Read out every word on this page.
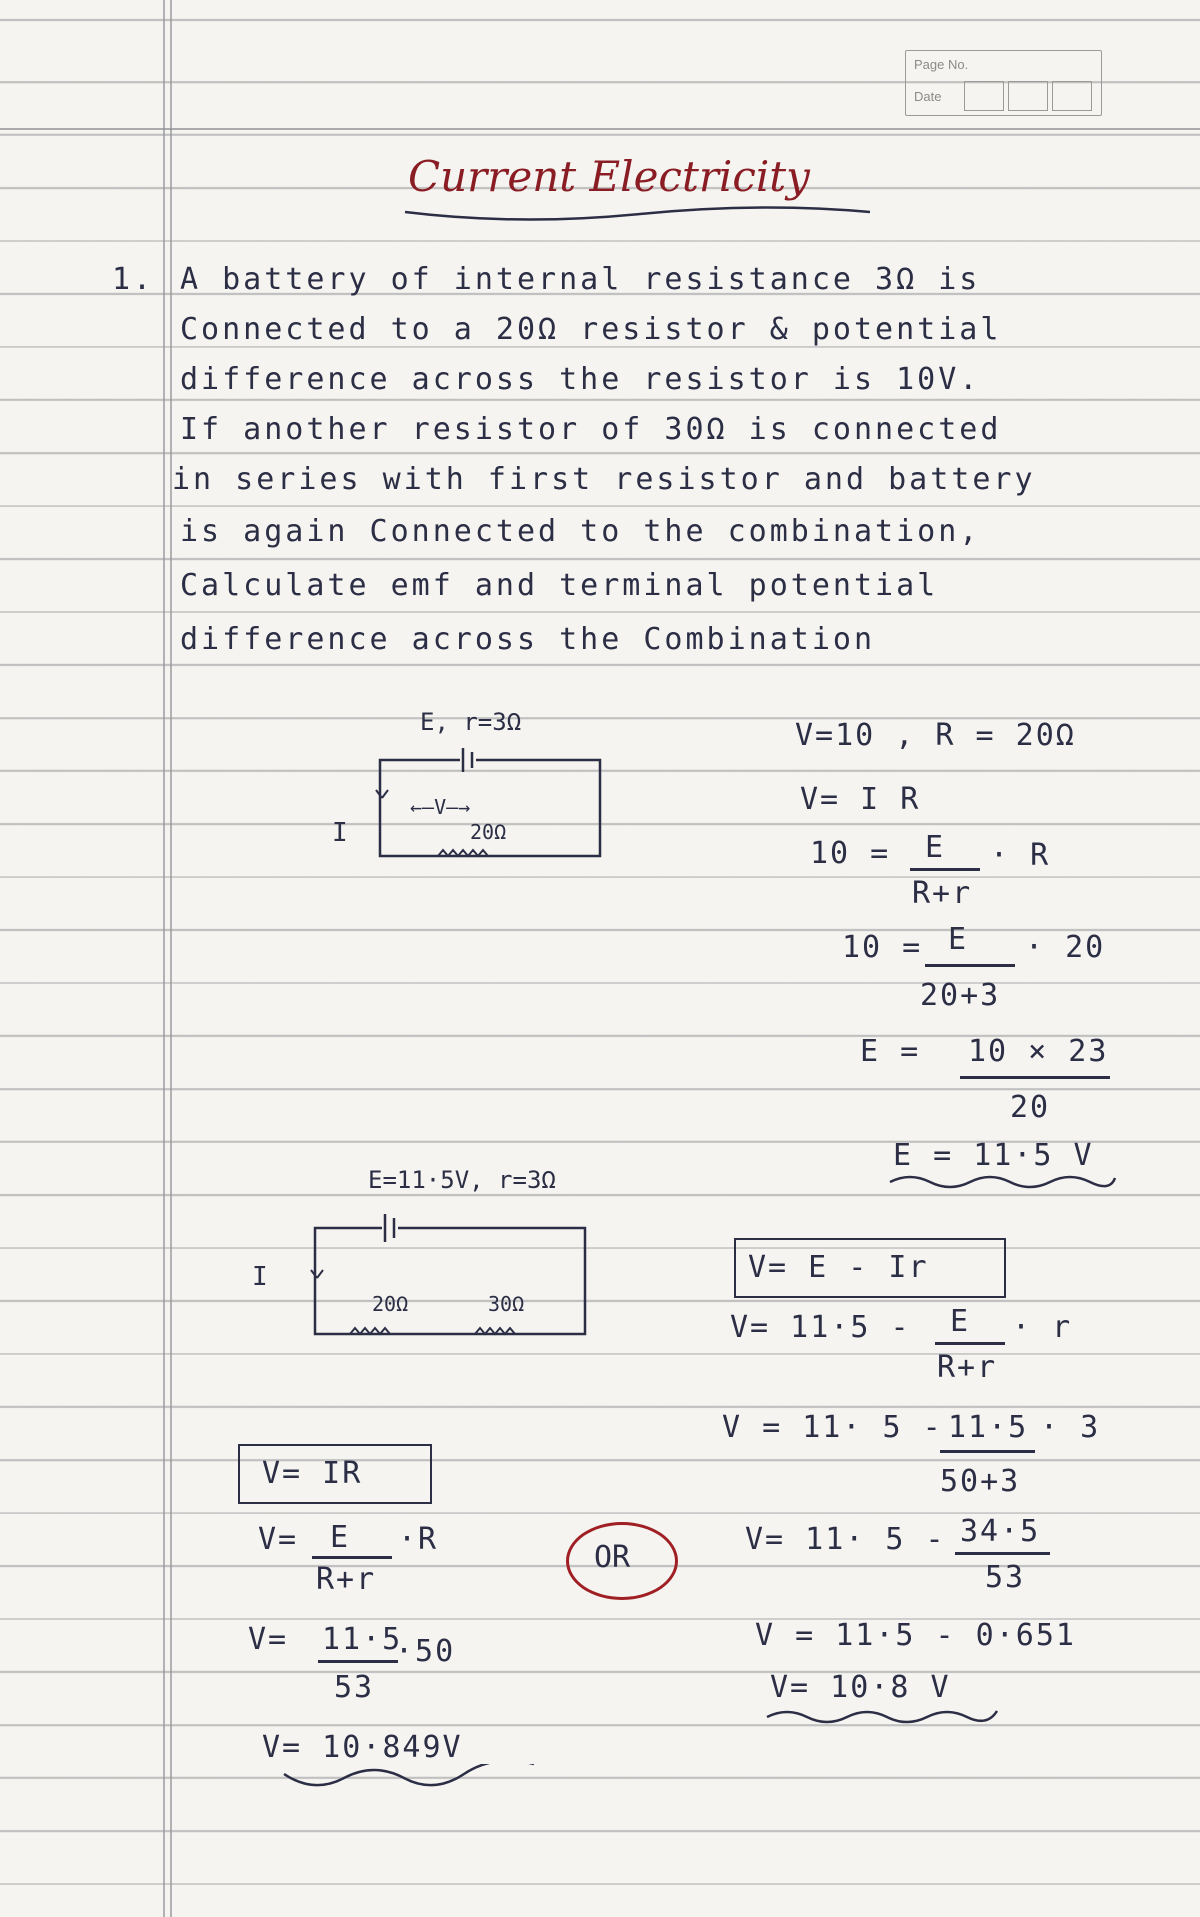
Page No.
Date
Current Electricity
1. A battery of internal resistance 3Ω is
Connected to a 20Ω resistor & potential
difference across the resistor is 10V.
If another resistor of 30Ω is connected
in series with first resistor and battery
is again Connected to the combination,
Calculate emf and terminal potential
difference across the Combination
E, r=3Ω
I
←—V—→
20Ω
V=10 , R = 20Ω
V= I R
10 = E
R+r
· R
10 = E
20+3
· 20
E = 10 × 23
20
E = 11·5 V
E=11·5V, r=3Ω
I
20Ω	30Ω
V= E - Ir
V= 11·5 - E
R+r
· r
V = 11· 5 - 11·5
50+3
· 3
V= 11· 5 - 34·5
53
V = 11·5 - 0·651
V= 10·8 V
OR
V= IR
V= E
R+r
·R
V= 11·5
53
·50
V= 10·849V
